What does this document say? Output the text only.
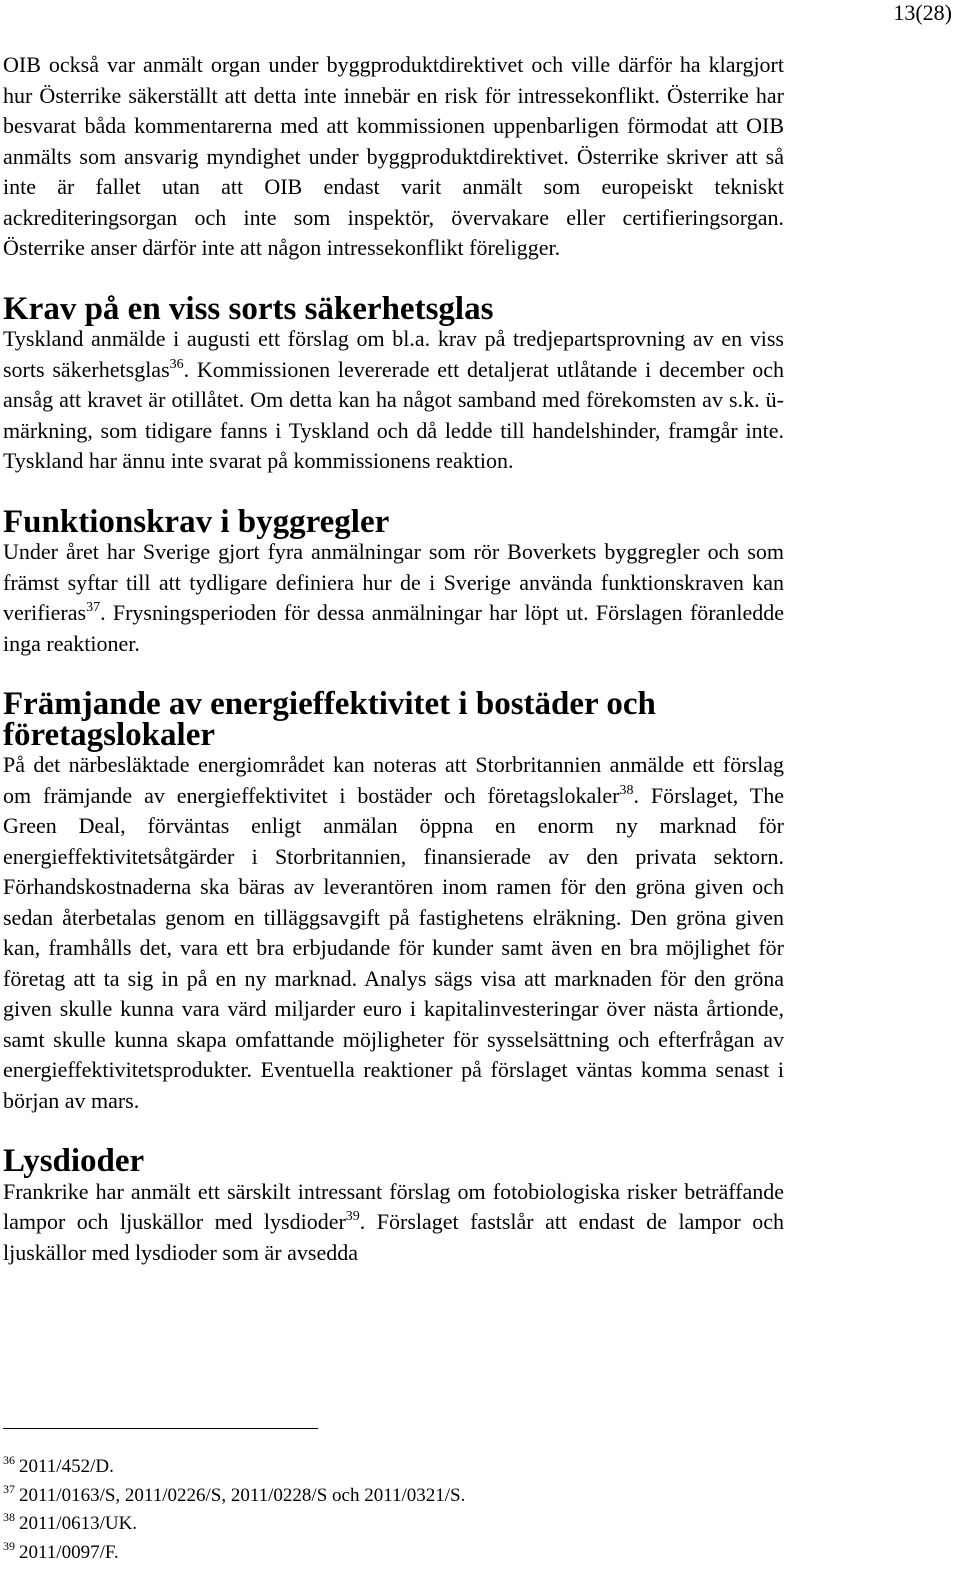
13(28)

OIB också var anmält organ under byggproduktdirektivet och ville därför ha klargjort hur Österrike säkerställt att detta inte innebär en risk för intressekonflikt. Österrike har besvarat båda kommentarerna med att kommissionen uppenbarligen förmodat att OIB anmälts som ansvarig myndighet under byggproduktdirektivet. Österrike skriver att så inte är fallet utan att OIB endast varit anmält som europeiskt tekniskt ackrediteringsorgan och inte som inspektör, övervakare eller certifieringsorgan. Österrike anser därför inte att någon intressekonflikt föreligger.

Krav på en viss sorts säkerhetsglas

Tyskland anmälde i augusti ett förslag om bl.a. krav på tredjepartsprovning av en viss sorts säkerhetsglas$^{36}$. Kommissionen levererade ett detaljerat utlåtande i december och ansåg att kravet är otillåtet. Om detta kan ha något samband med förekomsten av s.k. ü-märkning, som tidigare fanns i Tyskland och då ledde till handelshinder, framgår inte. Tyskland har ännu inte svarat på kommissionens reaktion.

Funktionskrav i byggregler

Under året har Sverige gjort fyra anmälningar som rör Boverkets byggregler och som främst syftar till att tydligare definiera hur de i Sverige använda funktionskraven kan verifieras$^{37}$. Frysningsperioden för dessa anmälningar har löpt ut. Förslagen föranledde inga reaktioner.

Främjande av energieffektivitet i bostäder och företagslokaler

På det närbesläktade energiområdet kan noteras att Storbritannien anmälde ett förslag om främjande av energieffektivitet i bostäder och företagslokaler$^{38}$. Förslaget, The Green Deal, förväntas enligt anmälan öppna en enorm ny marknad för energieffektivitetsåtgärder i Storbritannien, finansierade av den privata sektorn. Förhandskostnaderna ska bäras av leverantören inom ramen för den gröna given och sedan återbetalas genom en tilläggsavgift på fastighetens elräkning. Den gröna given kan, framhålls det, vara ett bra erbjudande för kunder samt även en bra möjlighet för företag att ta sig in på en ny marknad. Analys sägs visa att marknaden för den gröna given skulle kunna vara värd miljarder euro i kapitalinvesteringar över nästa årtionde, samt skulle kunna skapa omfattande möjligheter för sysselsättning och efterfrågan av energieffektivitetsprodukter. Eventuella reaktioner på förslaget väntas komma senast i början av mars.

Lysdioder

Frankrike har anmält ett särskilt intressant förslag om fotobiologiska risker beträffande lampor och ljuskällor med lysdioder$^{39}$. Förslaget fastslår att endast de lampor och ljuskällor med lysdioder som är avsedda

$^{36}$ 2011/452/D.
$^{37}$ 2011/0163/S, 2011/0226/S, 2011/0228/S och 2011/0321/S.
$^{38}$ 2011/0613/UK.
$^{39}$ 2011/0097/F.
